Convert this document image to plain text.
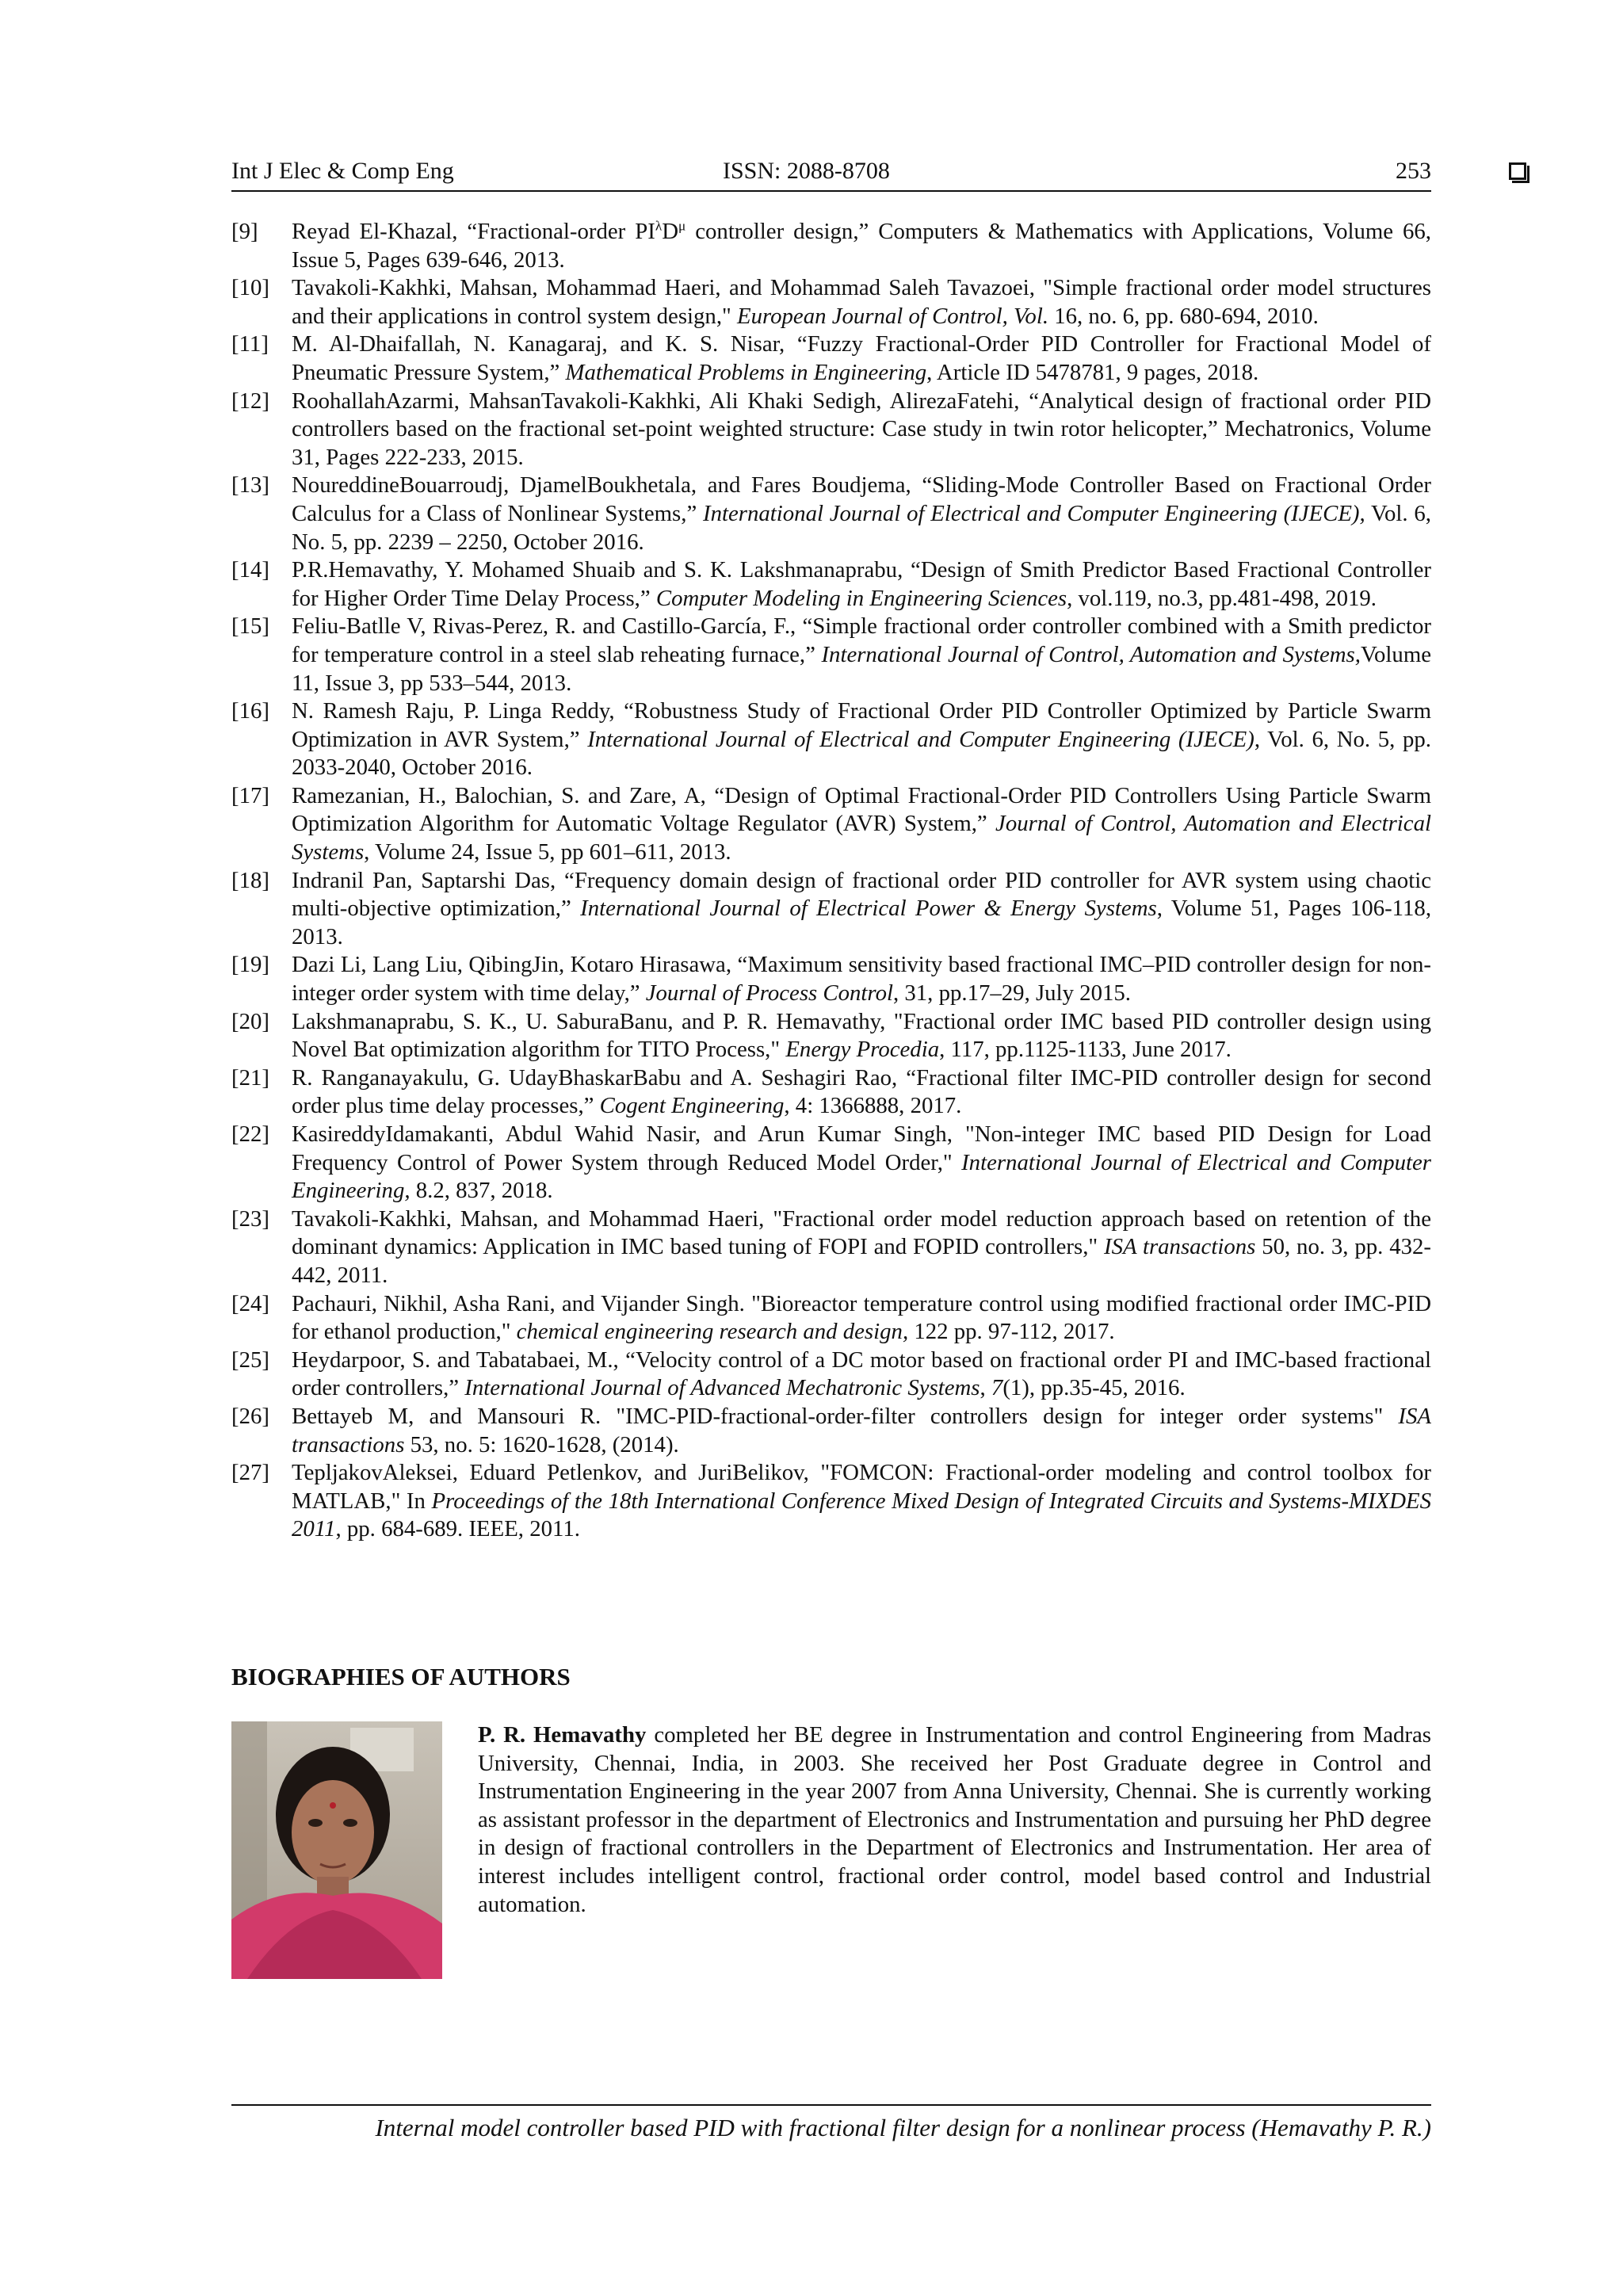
Int J Elec & Comp Eng	ISSN: 2088-8708	253
[9] Reyad El-Khazal, “Fractional-order $PI^\lambda D^\mu$ controller design,” Computers & Mathematics with Applications, Volume 66, Issue 5, Pages 639-646, 2013.
[10] Tavakoli-Kakhki, Mahsan, Mohammad Haeri, and Mohammad Saleh Tavazoei, "Simple fractional order model structures and their applications in control system design," European Journal of Control, Vol. 16, no. 6, pp. 680-694, 2010.
[11] M. Al-Dhaifallah, N. Kanagaraj, and K. S. Nisar, “Fuzzy Fractional-Order PID Controller for Fractional Model of Pneumatic Pressure System,” Mathematical Problems in Engineering, Article ID 5478781, 9 pages, 2018.
[12] RoohallahAzarmi, MahsanTavakoli-Kakhki, Ali Khaki Sedigh, AlirezaFatehi, “Analytical design of fractional order PID controllers based on the fractional set-point weighted structure: Case study in twin rotor helicopter,” Mechatronics, Volume 31, Pages 222-233, 2015.
[13] NoureddineBouarroudj, DjamelBoukhetala, and Fares Boudjema, “Sliding-Mode Controller Based on Fractional Order Calculus for a Class of Nonlinear Systems,” International Journal of Electrical and Computer Engineering (IJECE), Vol. 6, No. 5, pp. 2239 – 2250, October 2016.
[14] P.R.Hemavathy, Y. Mohamed Shuaib and S. K. Lakshmanaprabu, “Design of Smith Predictor Based Fractional Controller for Higher Order Time Delay Process,” Computer Modeling in Engineering Sciences, vol.119, no.3, pp.481-498, 2019.
[15] Feliu-Batlle V, Rivas-Perez, R. and Castillo-García, F., “Simple fractional order controller combined with a Smith predictor for temperature control in a steel slab reheating furnace,” International Journal of Control, Automation and Systems,Volume 11, Issue 3, pp 533–544, 2013.
[16] N. Ramesh Raju, P. Linga Reddy, “Robustness Study of Fractional Order PID Controller Optimized by Particle Swarm Optimization in AVR System,” International Journal of Electrical and Computer Engineering (IJECE), Vol. 6, No. 5, pp. 2033-2040, October 2016.
[17] Ramezanian, H., Balochian, S. and Zare, A, “Design of Optimal Fractional-Order PID Controllers Using Particle Swarm Optimization Algorithm for Automatic Voltage Regulator (AVR) System,” Journal of Control, Automation and Electrical Systems, Volume 24, Issue 5, pp 601–611, 2013.
[18] Indranil Pan, Saptarshi Das, “Frequency domain design of fractional order PID controller for AVR system using chaotic multi-objective optimization,” International Journal of Electrical Power & Energy Systems, Volume 51, Pages 106-118, 2013.
[19] Dazi Li, Lang Liu, QibingJin, Kotaro Hirasawa, “Maximum sensitivity based fractional IMC–PID controller design for non-integer order system with time delay,” Journal of Process Control, 31, pp.17–29, July 2015.
[20] Lakshmanaprabu, S. K., U. SaburaBanu, and P. R. Hemavathy, "Fractional order IMC based PID controller design using Novel Bat optimization algorithm for TITO Process," Energy Procedia, 117, pp.1125-1133, June 2017.
[21] R. Ranganayakulu, G. UdayBhaskarBabu and A. Seshagiri Rao, “Fractional filter IMC-PID controller design for second order plus time delay processes,” Cogent Engineering, 4: 1366888, 2017.
[22] KasireddyIdamakanti, Abdul Wahid Nasir, and Arun Kumar Singh, "Non-integer IMC based PID Design for Load Frequency Control of Power System through Reduced Model Order," International Journal of Electrical and Computer Engineering, 8.2, 837, 2018.
[23] Tavakoli-Kakhki, Mahsan, and Mohammad Haeri, "Fractional order model reduction approach based on retention of the dominant dynamics: Application in IMC based tuning of FOPI and FOPID controllers," ISA transactions 50, no. 3, pp. 432-442, 2011.
[24] Pachauri, Nikhil, Asha Rani, and Vijander Singh. "Bioreactor temperature control using modified fractional order IMC-PID for ethanol production," chemical engineering research and design, 122 pp. 97-112, 2017.
[25] Heydarpoor, S. and Tabatabaei, M., “Velocity control of a DC motor based on fractional order PI and IMC-based fractional order controllers,” International Journal of Advanced Mechatronic Systems, 7(1), pp.35-45, 2016.
[26] Bettayeb M, and Mansouri R. "IMC-PID-fractional-order-filter controllers design for integer order systems" ISA transactions 53, no. 5: 1620-1628, (2014).
[27] TepljakovAleksei, Eduard Petlenkov, and JuriBelikov, "FOMCON: Fractional-order modeling and control toolbox for MATLAB," In Proceedings of the 18th International Conference Mixed Design of Integrated Circuits and Systems-MIXDES 2011, pp. 684-689. IEEE, 2011.
BIOGRAPHIES OF AUTHORS
P. R. Hemavathy completed her BE degree in Instrumentation and control Engineering from Madras University, Chennai, India, in 2003. She received her Post Graduate degree in Control and Instrumentation Engineering in the year 2007 from Anna University, Chennai. She is currently working as assistant professor in the department of Electronics and Instrumentation and pursuing her PhD degree in design of fractional controllers in the Department of Electronics and Instrumentation. Her area of interest includes intelligent control, fractional order control, model based control and Industrial automation.
Internal model controller based PID with fractional filter design for a nonlinear process (Hemavathy P. R.)
